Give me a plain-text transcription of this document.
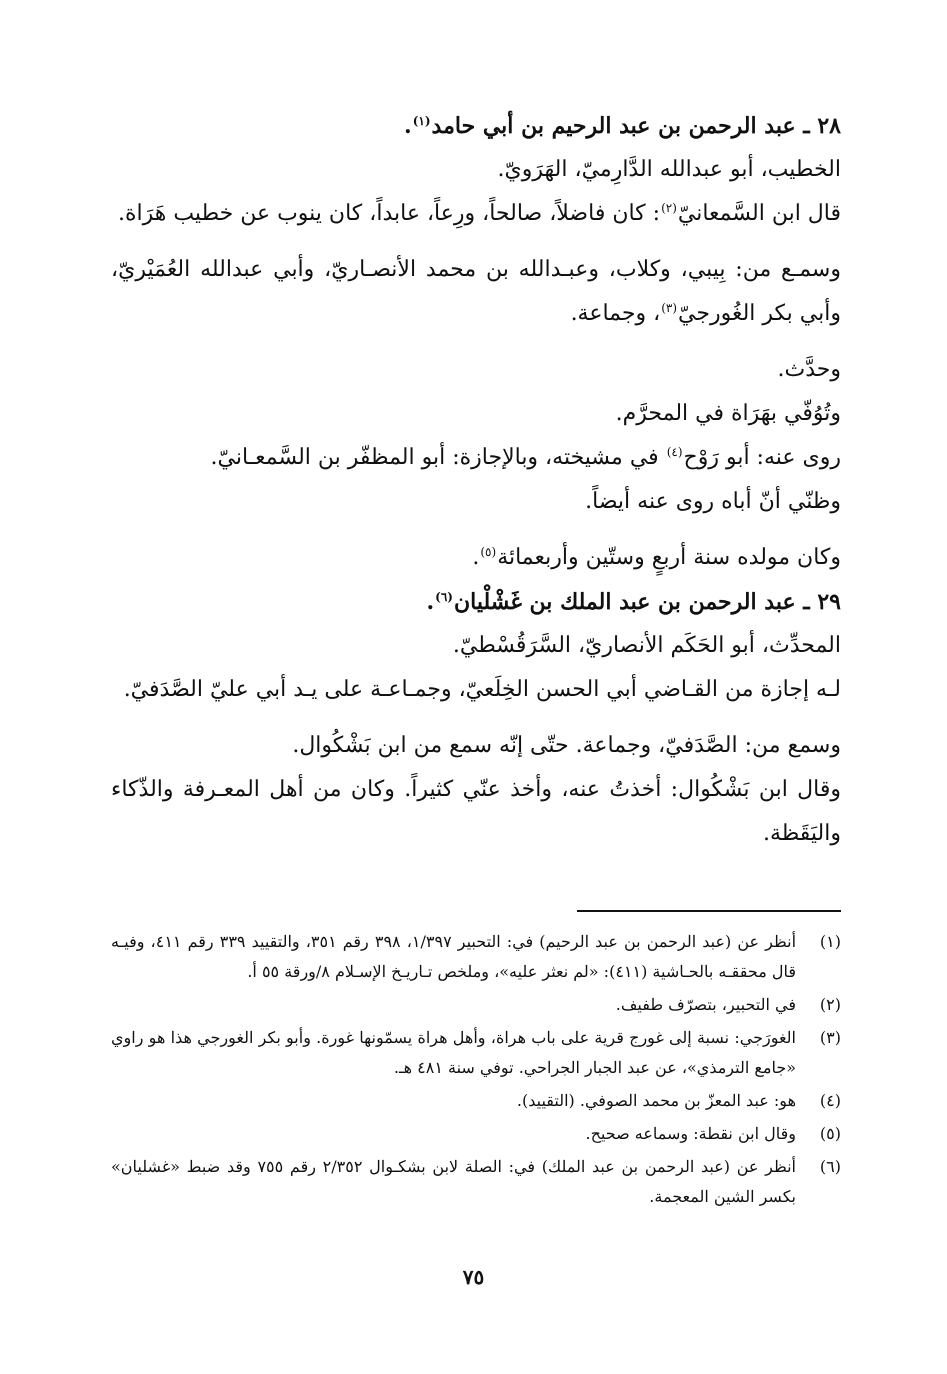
٢٨ ـ عبد الرحمن بن عبد الرحيم بن أبي حامد$^{(١)}$.

الخطيب، أبو عبدالله الدَّارِميّ، الهَرَويّ.

قال ابن السَّمعانيّ$^{(٢)}$: كان فاضلاً، صالحاً، ورِعاً، عابداً، كان ينوب عن خطيب هَرَاة.

وسمـع من: بِيبي، وكلاب، وعبـدالله بن محمد الأنصـاريّ، وأبي عبدالله العُمَيْريّ، وأبي بكر الغُورجيّ$^{(٣)}$، وجماعة.

وحدَّث.

وتُوُفّي بهَرَاة في المحرَّم.

روى عنه: أبو رَوْح$^{(٤)}$ في مشيخته، وبالإجازة: أبو المظفّر بن السَّمعـانيّ.

وظنّي أنّ أباه روى عنه أيضاً.

وكان مولده سنة أربعٍ وستّين وأربعمائة$^{(٥)}$.

٢٩ ـ عبد الرحمن بن عبد الملك بن غَشْلْيان$^{(٦)}$.

المحدِّث، أبو الحَكَم الأنصاريّ، السَّرَقُسْطيّ.

لـه إجازة من القـاضي أبي الحسن الخِلَعيّ، وجمـاعـة على يـد أبي عليّ الصَّدَفيّ.

وسمع من: الصَّدَفيّ، وجماعة. حتّى إنّه سمع من ابن بَشْكُوال.

وقال ابن بَشْكُوال: أخذتُ عنه، وأخذ عنّي كثيراً. وكان من أهل المعـرفة والذّكاء واليَقَظة.

(١)
أنظر عن (عبد الرحمن بن عبد الرحيم) في: التحبير ١/٣٩٧، ٣٩٨ رقم ٣٥١، والتقييد ٣٣٩ رقم ٤١١، وفيـه قال محققـه بالحـاشية (٤١١): «لم نعثر عليه»، وملخص تـاريـخ الإسـلام ٨/ورقة ٥٥ أ.
(٢)
في التحبير، بتصرّف طفيف.
(٣)
الغورَجي: نسبة إلى غورج قرية على باب هراة، وأهل هراة يسمّونها غورة. وأبو بكر الغورجي هذا هو راوي «جامع الترمذي»، عن عبد الجبار الجراحي. توفي سنة ٤٨١ هـ.
(٤)
هو: عبد المعزّ بن محمد الصوفي. (التقييد).
(٥)
وقال ابن نقطة: وسماعه صحيح.
(٦)
أنظر عن (عبد الرحمن بن عبد الملك) في: الصلة لابن بشكـوال ٢/٣٥٢ رقم ٧٥٥ وقد ضبط «غشليان» بكسر الشين المعجمة.
٧٥
